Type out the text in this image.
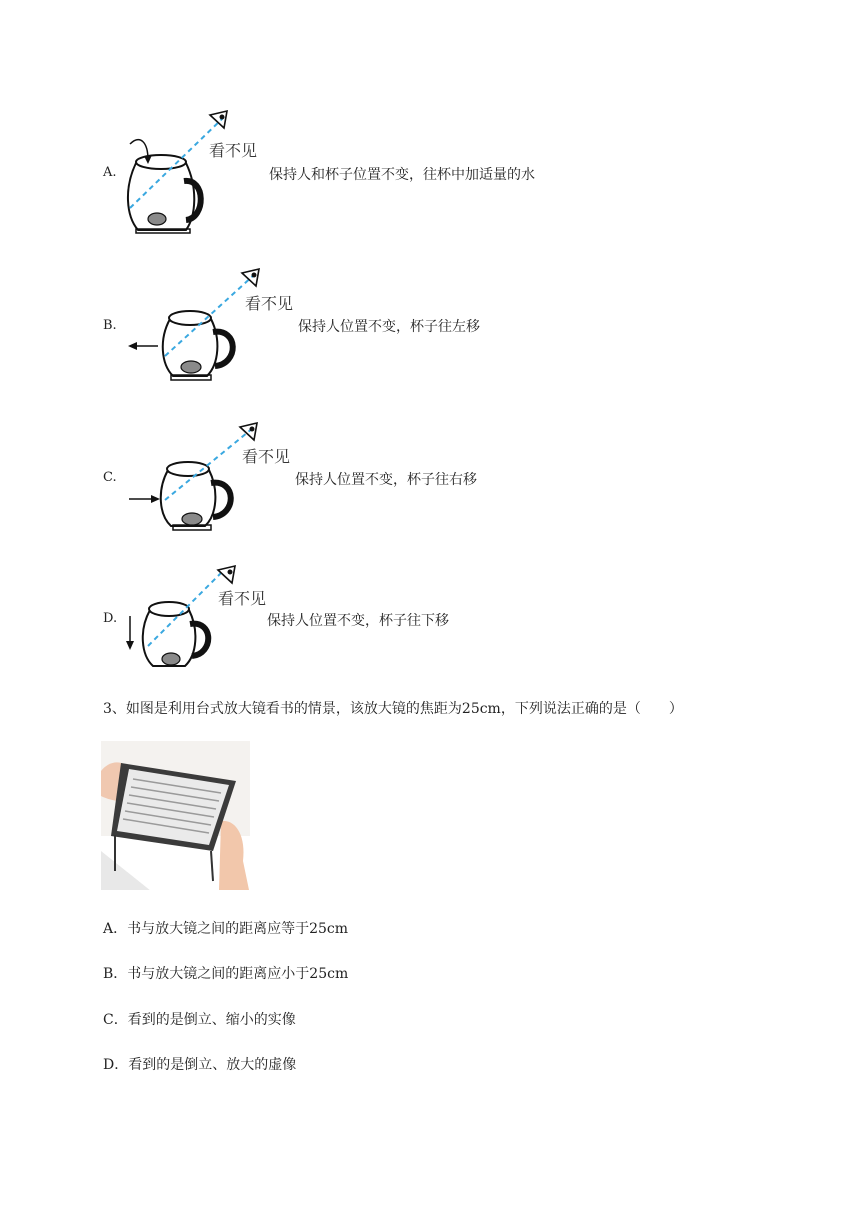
A.
看不见
保持人和杯子位置不变，往杯中加适量的水
B.
看不见
保持人位置不变，杯子往左移
C.
看不见
保持人位置不变，杯子往右移
D.
看不见
保持人位置不变，杯子往下移
3、如图是利用台式放大镜看书的情景，该放大镜的焦距为25cm，下列说法正确的是（　　）
A．书与放大镜之间的距离应等于25cm
B．书与放大镜之间的距离应小于25cm
C．看到的是倒立、缩小的实像
D．看到的是倒立、放大的虚像
